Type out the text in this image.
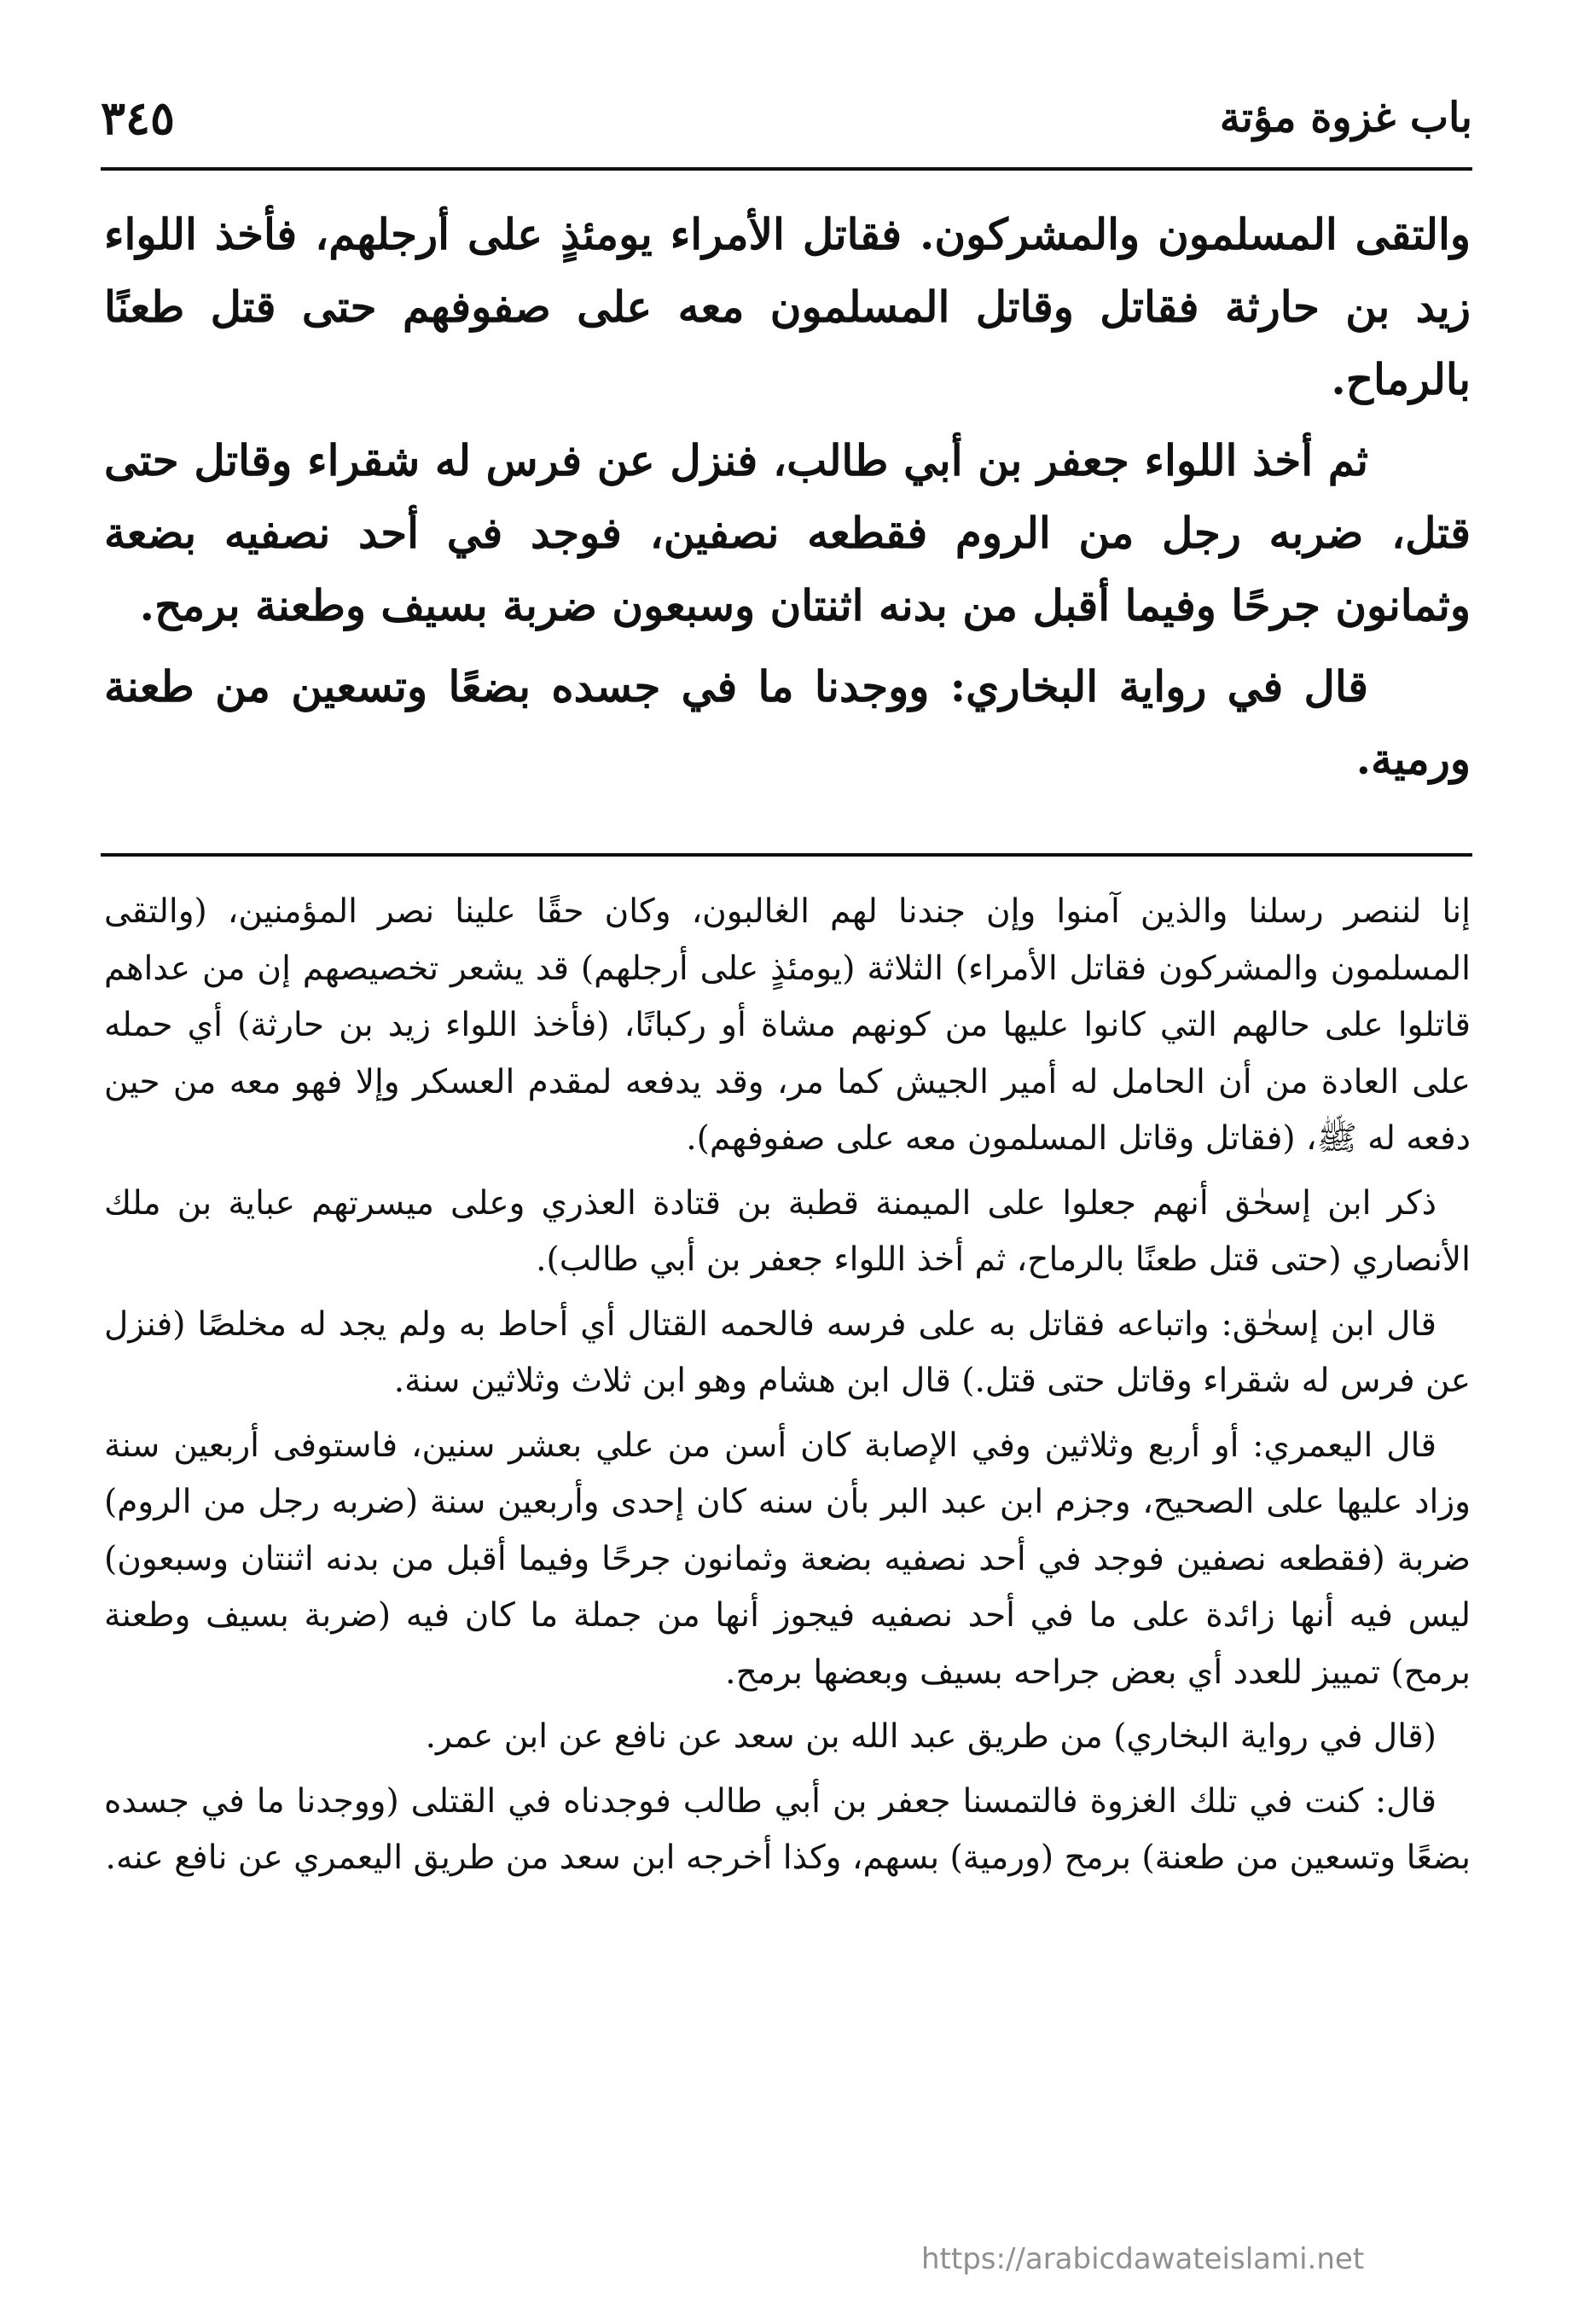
باب غزوة مؤتة
٣٤٥

والتقى المسلمون والمشركون. فقاتل الأمراء يومئذٍ على أرجلهم، فأخذ اللواء زيد بن حارثة فقاتل وقاتل المسلمون معه على صفوفهم حتى قتل طعنًا بالرماح.

ثم أخذ اللواء جعفر بن أبي طالب، فنزل عن فرس له شقراء وقاتل حتى قتل، ضربه رجل من الروم فقطعه نصفين، فوجد في أحد نصفيه بضعة وثمانون جرحًا وفيما أقبل من بدنه اثنتان وسبعون ضربة بسيف وطعنة برمح.

قال في رواية البخاري: ووجدنا ما في جسده بضعًا وتسعين من طعنة ورمية.

إنا لننصر رسلنا والذين آمنوا وإن جندنا لهم الغالبون، وكان حقًا علينا نصر المؤمنين، (والتقى المسلمون والمشركون فقاتل الأمراء) الثلاثة (يومئذٍ على أرجلهم) قد يشعر تخصيصهم إن من عداهم قاتلوا على حالهم التي كانوا عليها من كونهم مشاة أو ركبانًا، (فأخذ اللواء زيد بن حارثة) أي حمله على العادة من أن الحامل له أمير الجيش كما مر، وقد يدفعه لمقدم العسكر وإلا فهو معه من حين دفعه له ﷺ، (فقاتل وقاتل المسلمون معه على صفوفهم).

ذكر ابن إسحٰق أنهم جعلوا على الميمنة قطبة بن قتادة العذري وعلى ميسرتهم عباية بن ملك الأنصاري (حتى قتل طعنًا بالرماح، ثم أخذ اللواء جعفر بن أبي طالب).

قال ابن إسحٰق: واتباعه فقاتل به على فرسه فالحمه القتال أي أحاط به ولم يجد له مخلصًا (فنزل عن فرس له شقراء وقاتل حتى قتل.) قال ابن هشام وهو ابن ثلاث وثلاثين سنة.

قال اليعمري: أو أربع وثلاثين وفي الإصابة كان أسن من علي بعشر سنين، فاستوفى أربعين سنة وزاد عليها على الصحيح، وجزم ابن عبد البر بأن سنه كان إحدى وأربعين سنة (ضربه رجل من الروم) ضربة (فقطعه نصفين فوجد في أحد نصفيه بضعة وثمانون جرحًا وفيما أقبل من بدنه اثنتان وسبعون) ليس فيه أنها زائدة على ما في أحد نصفيه فيجوز أنها من جملة ما كان فيه (ضربة بسيف وطعنة برمح) تمييز للعدد أي بعض جراحه بسيف وبعضها برمح.

(قال في رواية البخاري) من طريق عبد الله بن سعد عن نافع عن ابن عمر.

قال: كنت في تلك الغزوة فالتمسنا جعفر بن أبي طالب فوجدناه في القتلى (ووجدنا ما في جسده بضعًا وتسعين من طعنة) برمح (ورمية) بسهم، وكذا أخرجه ابن سعد من طريق اليعمري عن نافع عنه.

https://arabicdawateislami.net
